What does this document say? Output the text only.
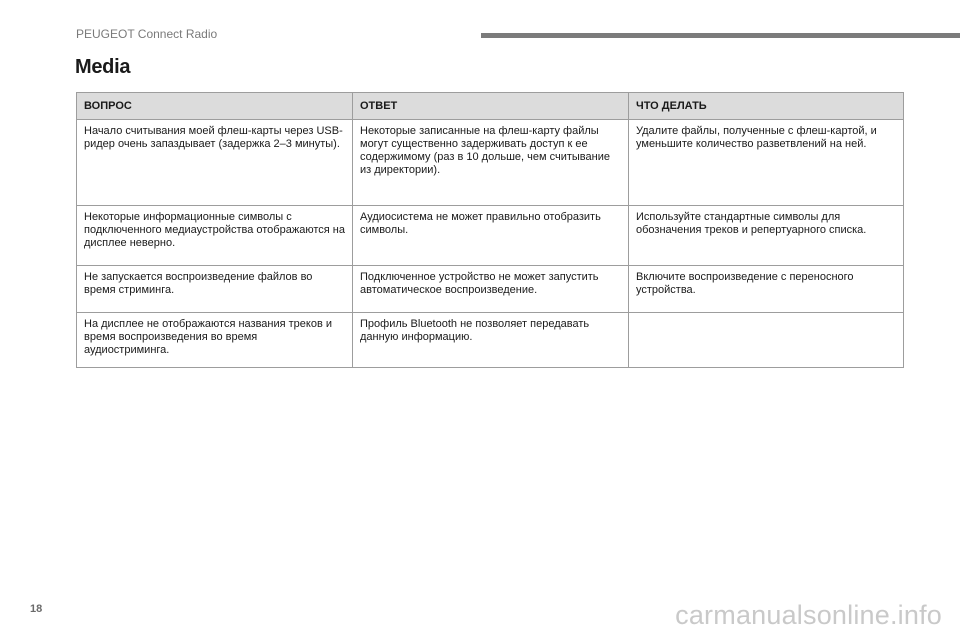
PEUGEOT Connect Radio
Media
ВОПРОС	ОТВЕТ	ЧТО ДЕЛАТЬ
Начало считывания моей флеш-карты через USB-ридер очень запаздывает (задержка 2–3 минуты).	Некоторые записанные на флеш-карту файлы могут существенно задерживать доступ к ее содержимому (раз в 10 дольше, чем считывание из директории).	Удалите файлы, полученные с флеш-картой, и уменьшите количество разветвлений на ней.
Некоторые информационные символы с подключенного медиаустройства отображаются на дисплее неверно.	Аудиосистема не может правильно отобразить символы.	Используйте стандартные символы для обозначения треков и репертуарного списка.
Не запускается воспроизведение файлов во время стриминга.	Подключенное устройство не может запустить автоматическое воспроизведение.	Включите воспроизведение с переносного устройства.
На дисплее не отображаются названия треков и время воспроизведения во время аудиостриминга.	Профиль Bluetooth не позволяет передавать данную информацию.	
18	carmanualsonline.info
